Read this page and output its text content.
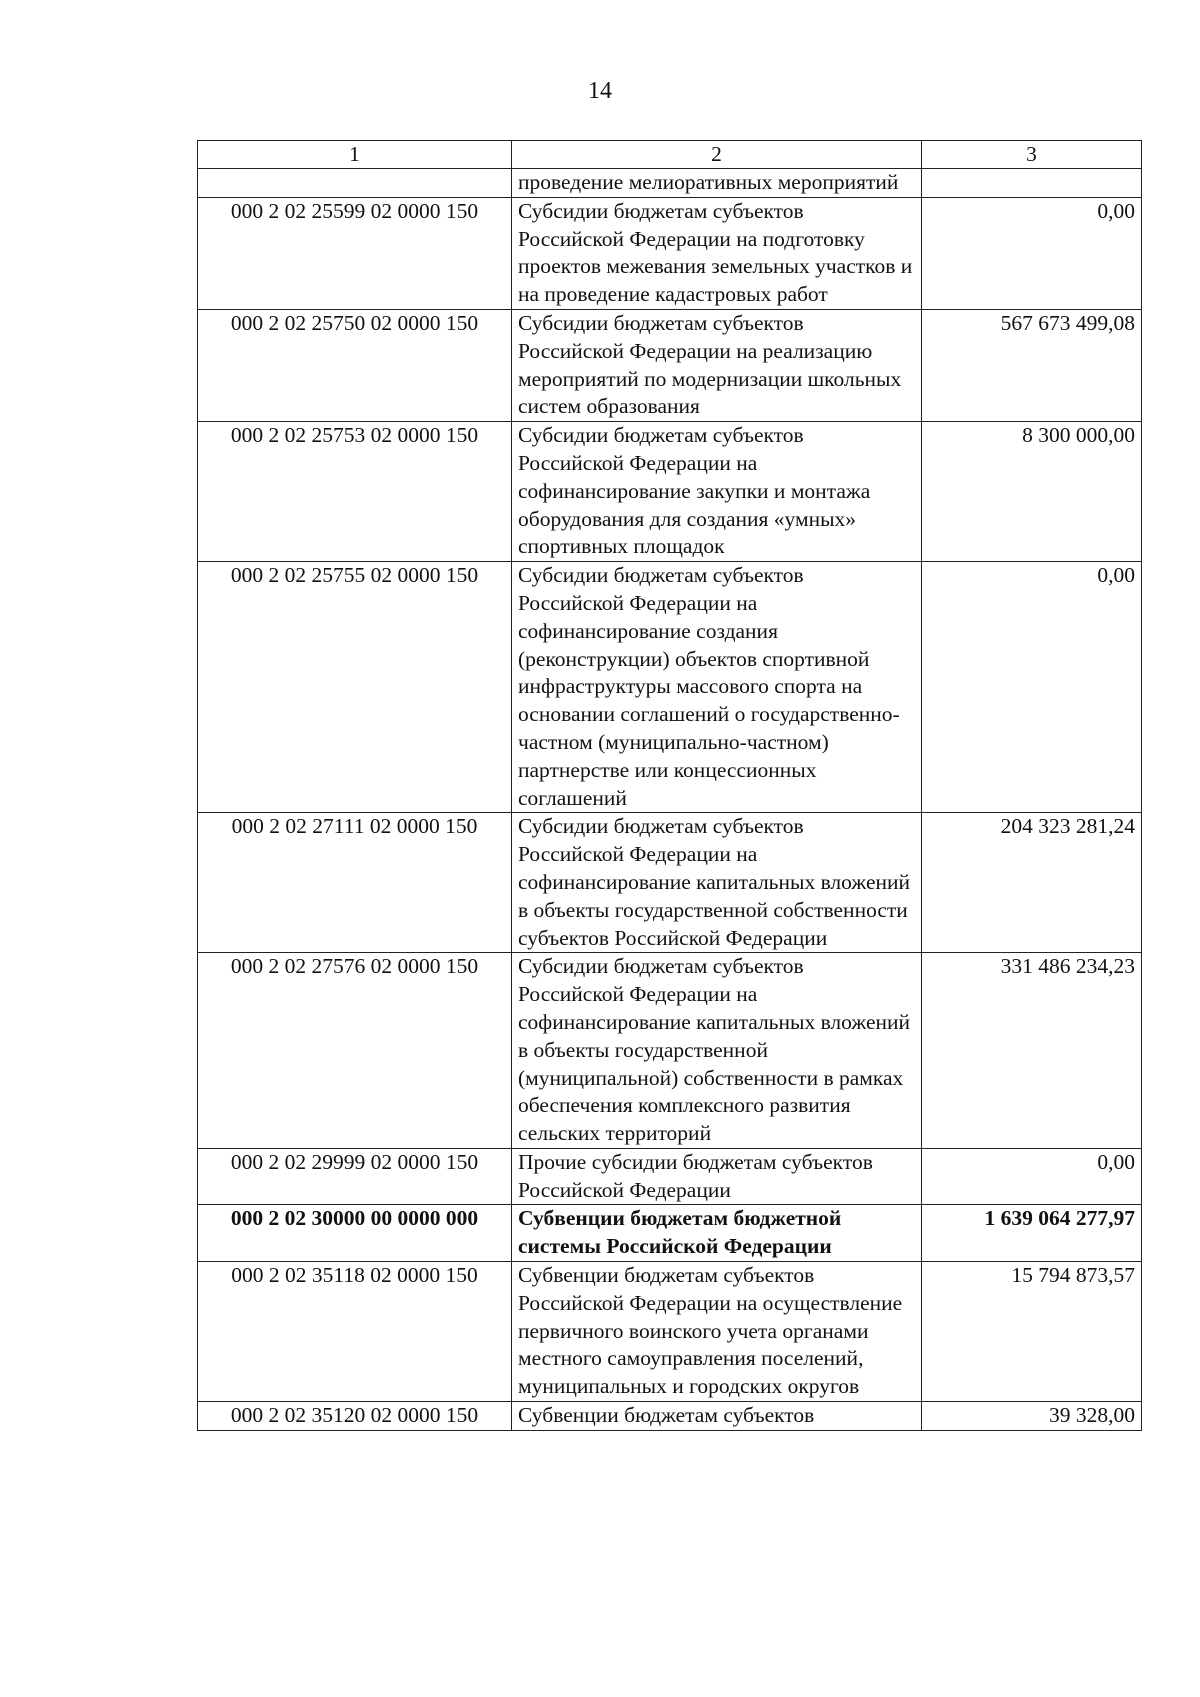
14
1	2	3
	проведение мелиоративных мероприятий	
000 2 02 25599 02 0000 150	Субсидии бюджетам субъектов Российской Федерации на подготовку проектов межевания земельных участков и на проведение кадастровых работ	0,00
000 2 02 25750 02 0000 150	Субсидии бюджетам субъектов Российской Федерации на реализацию мероприятий по модернизации школьных систем образования	567 673 499,08
000 2 02 25753 02 0000 150	Субсидии бюджетам субъектов Российской Федерации на софинансирование закупки и монтажа оборудования для создания «умных» спортивных площадок	8 300 000,00
000 2 02 25755 02 0000 150	Субсидии бюджетам субъектов Российской Федерации на софинансирование создания (реконструкции) объектов спортивной инфраструктуры массового спорта на основании соглашений о государственно-частном (муниципально-частном) партнерстве или концессионных соглашений	0,00
000 2 02 27111 02 0000 150	Субсидии бюджетам субъектов Российской Федерации на софинансирование капитальных вложений в объекты государственной собственности субъектов Российской Федерации	204 323 281,24
000 2 02 27576 02 0000 150	Субсидии бюджетам субъектов Российской Федерации на софинансирование капитальных вложений в объекты государственной (муниципальной) собственности в рамках обеспечения комплексного развития сельских территорий	331 486 234,23
000 2 02 29999 02 0000 150	Прочие субсидии бюджетам субъектов Российской Федерации	0,00
000 2 02 30000 00 0000 000	Субвенции бюджетам бюджетной системы Российской Федерации	1 639 064 277,97
000 2 02 35118 02 0000 150	Субвенции бюджетам субъектов Российской Федерации на осуществление первичного воинского учета органами местного самоуправления поселений, муниципальных и городских округов	15 794 873,57
000 2 02 35120 02 0000 150	Субвенции бюджетам субъектов	39 328,00
